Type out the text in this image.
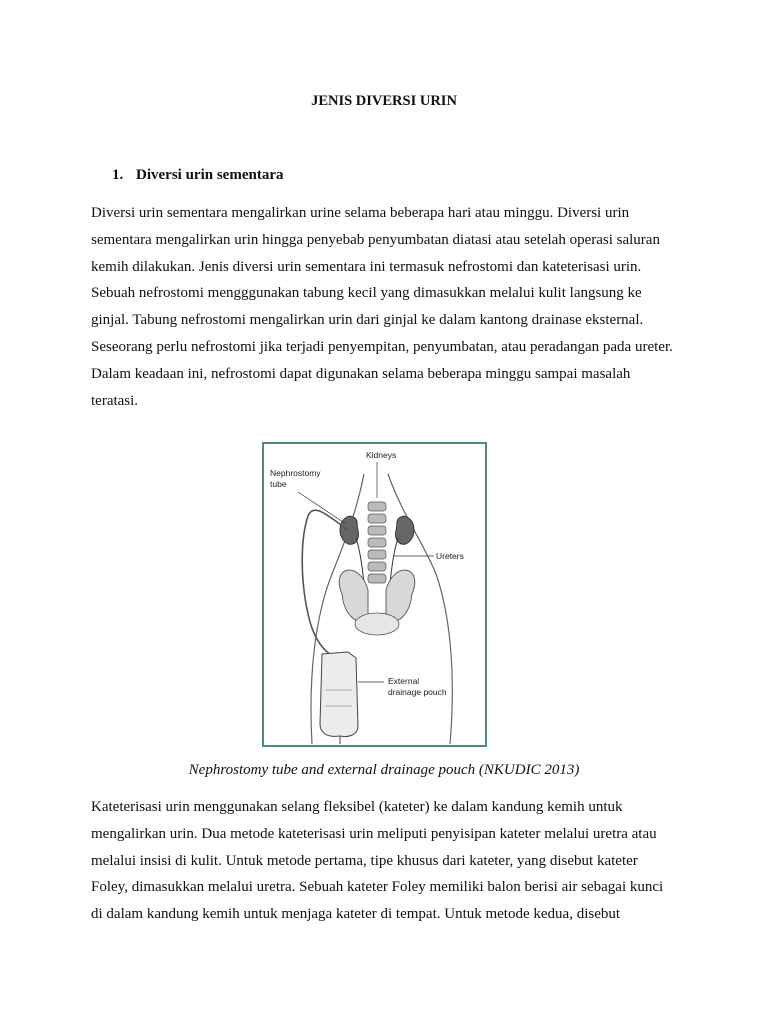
JENIS DIVERSI URIN
1. Diversi urin sementara
Diversi urin sementara mengalirkan urine selama beberapa hari atau minggu. Diversi urin
sementara mengalirkan urin hingga penyebab penyumbatan diatasi atau setelah operasi saluran
kemih dilakukan. Jenis diversi urin sementara ini termasuk nefrostomi dan kateterisasi urin.
Sebuah nefrostomi mengggunakan tabung kecil yang dimasukkan melalui kulit langsung ke
ginjal. Tabung nefrostomi mengalirkan urin dari ginjal ke dalam kantong drainase eksternal.
Seseorang perlu nefrostomi jika terjadi penyempitan, penyumbatan, atau peradangan pada ureter.
Dalam keadaan ini, nefrostomi dapat digunakan selama beberapa minggu sampai masalah
teratasi.
Kidneys
Nephrostomy
tube
Ureters
External
drainage pouch
Nephrostomy tube and external drainage pouch (NKUDIC 2013)
Kateterisasi urin menggunakan selang fleksibel (kateter) ke dalam kandung kemih untuk
mengalirkan urin. Dua metode kateterisasi urin meliputi penyisipan kateter melalui uretra atau
melalui insisi di kulit. Untuk metode pertama, tipe khusus dari kateter, yang disebut kateter
Foley, dimasukkan melalui uretra. Sebuah kateter Foley memiliki balon berisi air sebagai kunci
di dalam kandung kemih untuk menjaga kateter di tempat. Untuk metode kedua, disebut
